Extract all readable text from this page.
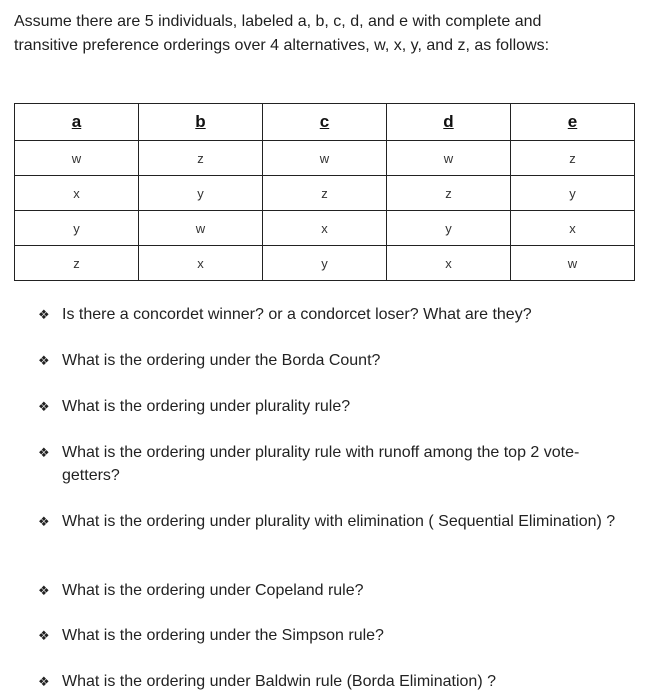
Assume there are 5 individuals, labeled a, b, c, d, and e with complete and
transitive preference orderings over 4 alternatives, w, x, y, and z, as follows:

a	b	c	d	e
w	z	w	w	z
x	y	z	z	y
y	w	x	y	x
z	x	y	x	w
❖ Is there a concordet winner? or a condorcet loser? What are they?
❖ What is the ordering under the Borda Count?
❖ What is the ordering under plurality rule?
❖ What is the ordering under plurality rule with runoff among the top 2 vote-getters?
❖ What is the ordering under plurality with elimination ( Sequential Elimination) ?
❖ What is the ordering under Copeland rule?
❖ What is the ordering under the Simpson rule?
❖ What is the ordering under Baldwin rule (Borda Elimination) ?
